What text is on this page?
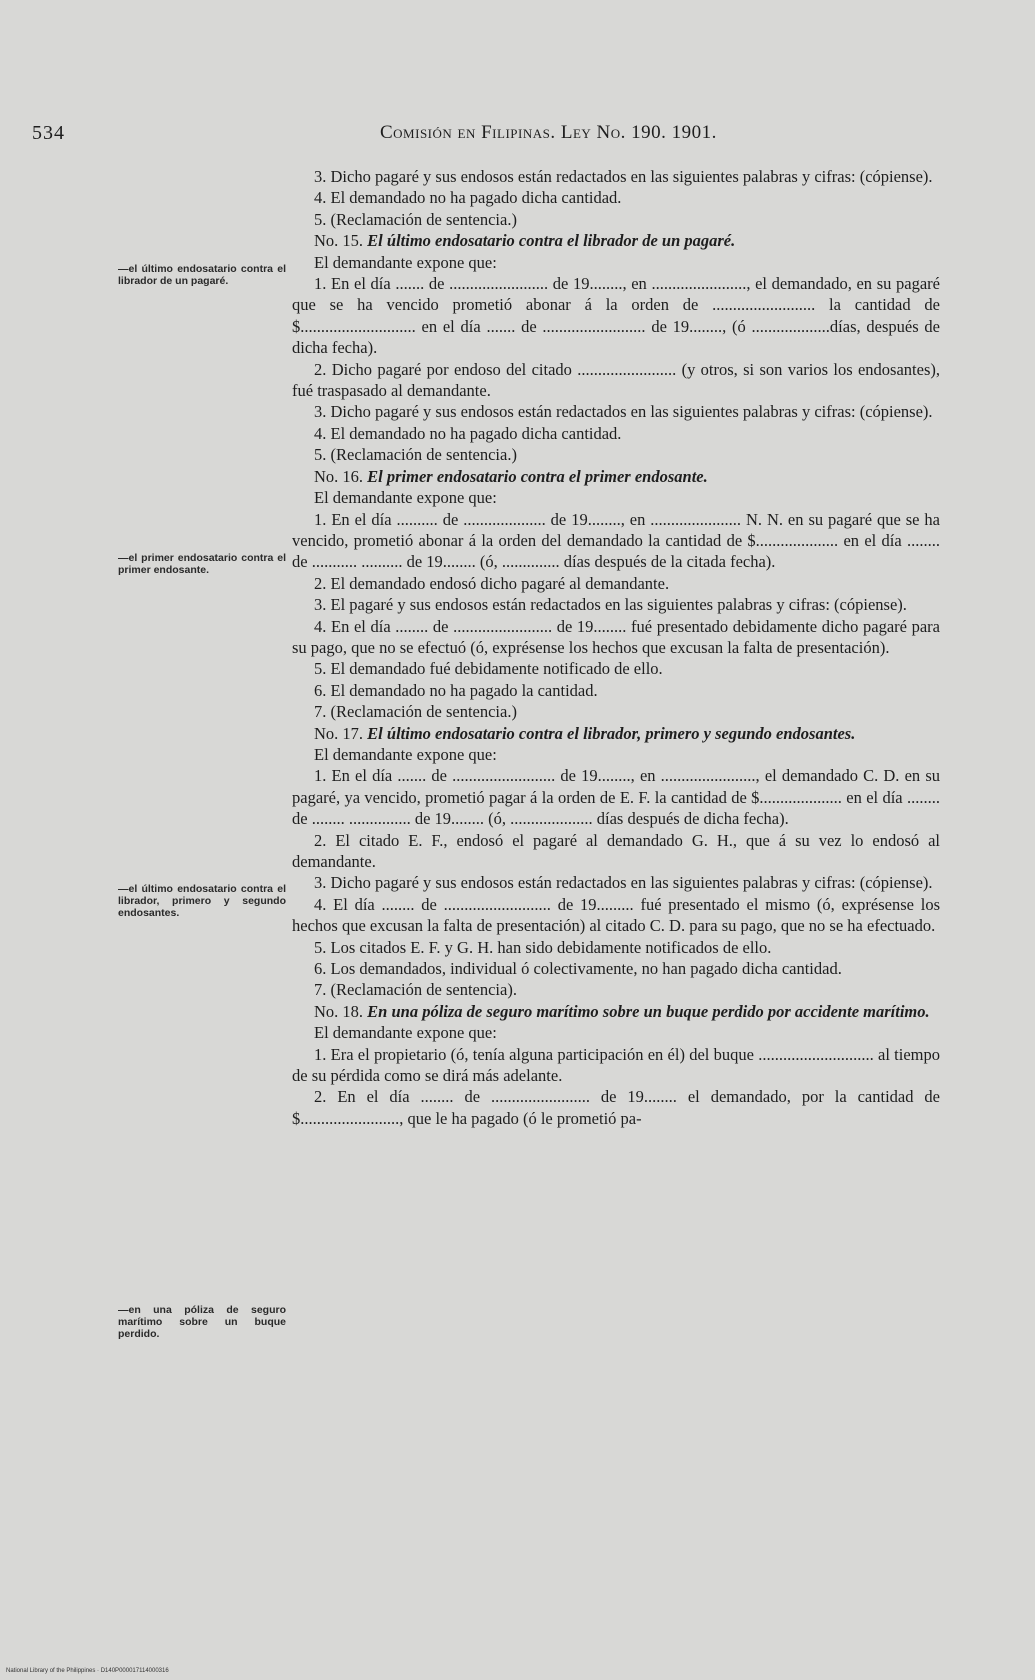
534	Comisión en Filipinas. Ley No. 190. 1901.
—el último endosatario contra el librador de un pagaré.
—el primer endosatario contra el primer endosante.
—el último endosatario contra el librador, primero y segundo endosantes.
—en una póliza de seguro marítimo sobre un buque perdido.

3. Dicho pagaré y sus endosos están redactados en las siguientes palabras y cifras: (cópiense).

4. El demandado no ha pagado dicha cantidad.

5. (Reclamación de sentencia.)

No. 15. El último endosatario contra el librador de un pagaré.

El demandante expone que:

1. En el día ....... de ........................ de 19........, en ......................., el demandado, en su pagaré que se ha vencido prometió abonar á la orden de ......................... la cantidad de $............................ en el día ....... de ......................... de 19........, (ó ...................días, después de dicha fecha).

2. Dicho pagaré por endoso del citado ........................ (y otros, si son varios los endosantes), fué traspasado al demandante.

3. Dicho pagaré y sus endosos están redactados en las siguientes palabras y cifras: (cópiense).

4. El demandado no ha pagado dicha cantidad.

5. (Reclamación de sentencia.)

No. 16. El primer endosatario contra el primer endosante.

El demandante expone que:

1. En el día .......... de .................... de 19........, en ...................... N. N. en su pagaré que se ha vencido, prometió abonar á la orden del demandado la cantidad de $.................... en el día ........ de ........... .......... de 19........ (ó, .............. días después de la citada fecha).

2. El demandado endosó dicho pagaré al demandante.

3. El pagaré y sus endosos están redactados en las siguientes palabras y cifras: (cópiense).

4. En el día ........ de ........................ de 19........ fué presentado debidamente dicho pagaré para su pago, que no se efectuó (ó, exprésense los hechos que excusan la falta de presentación).

5. El demandado fué debidamente notificado de ello.

6. El demandado no ha pagado la cantidad.

7. (Reclamación de sentencia.)

No. 17. El último endosatario contra el librador, primero y segundo endosantes.

El demandante expone que:

1. En el día ....... de ......................... de 19........, en ......................., el demandado C. D. en su pagaré, ya vencido, prometió pagar á la orden de E. F. la cantidad de $.................... en el día ........ de ........ ............... de 19........ (ó, .................... días después de dicha fecha).

2. El citado E. F., endosó el pagaré al demandado G. H., que á su vez lo endosó al demandante.

3. Dicho pagaré y sus endosos están redactados en las siguientes palabras y cifras: (cópiense).

4. El día ........ de .......................... de 19......... fué presentado el mismo (ó, exprésense los hechos que excusan la falta de presentación) al citado C. D. para su pago, que no se ha efectuado.

5. Los citados E. F. y G. H. han sido debidamente notificados de ello.

6. Los demandados, individual ó colectivamente, no han pagado dicha cantidad.

7. (Reclamación de sentencia).

No. 18. En una póliza de seguro marítimo sobre un buque perdido por accidente marítimo.

El demandante expone que:

1. Era el propietario (ó, tenía alguna participación en él) del buque ............................ al tiempo de su pérdida como se dirá más adelante.

2. En el día ........ de ........................ de 19........ el demandado, por la cantidad de $........................, que le ha pagado (ó le prometió pa-

National Library of the Philippines · D140P000017114000316
